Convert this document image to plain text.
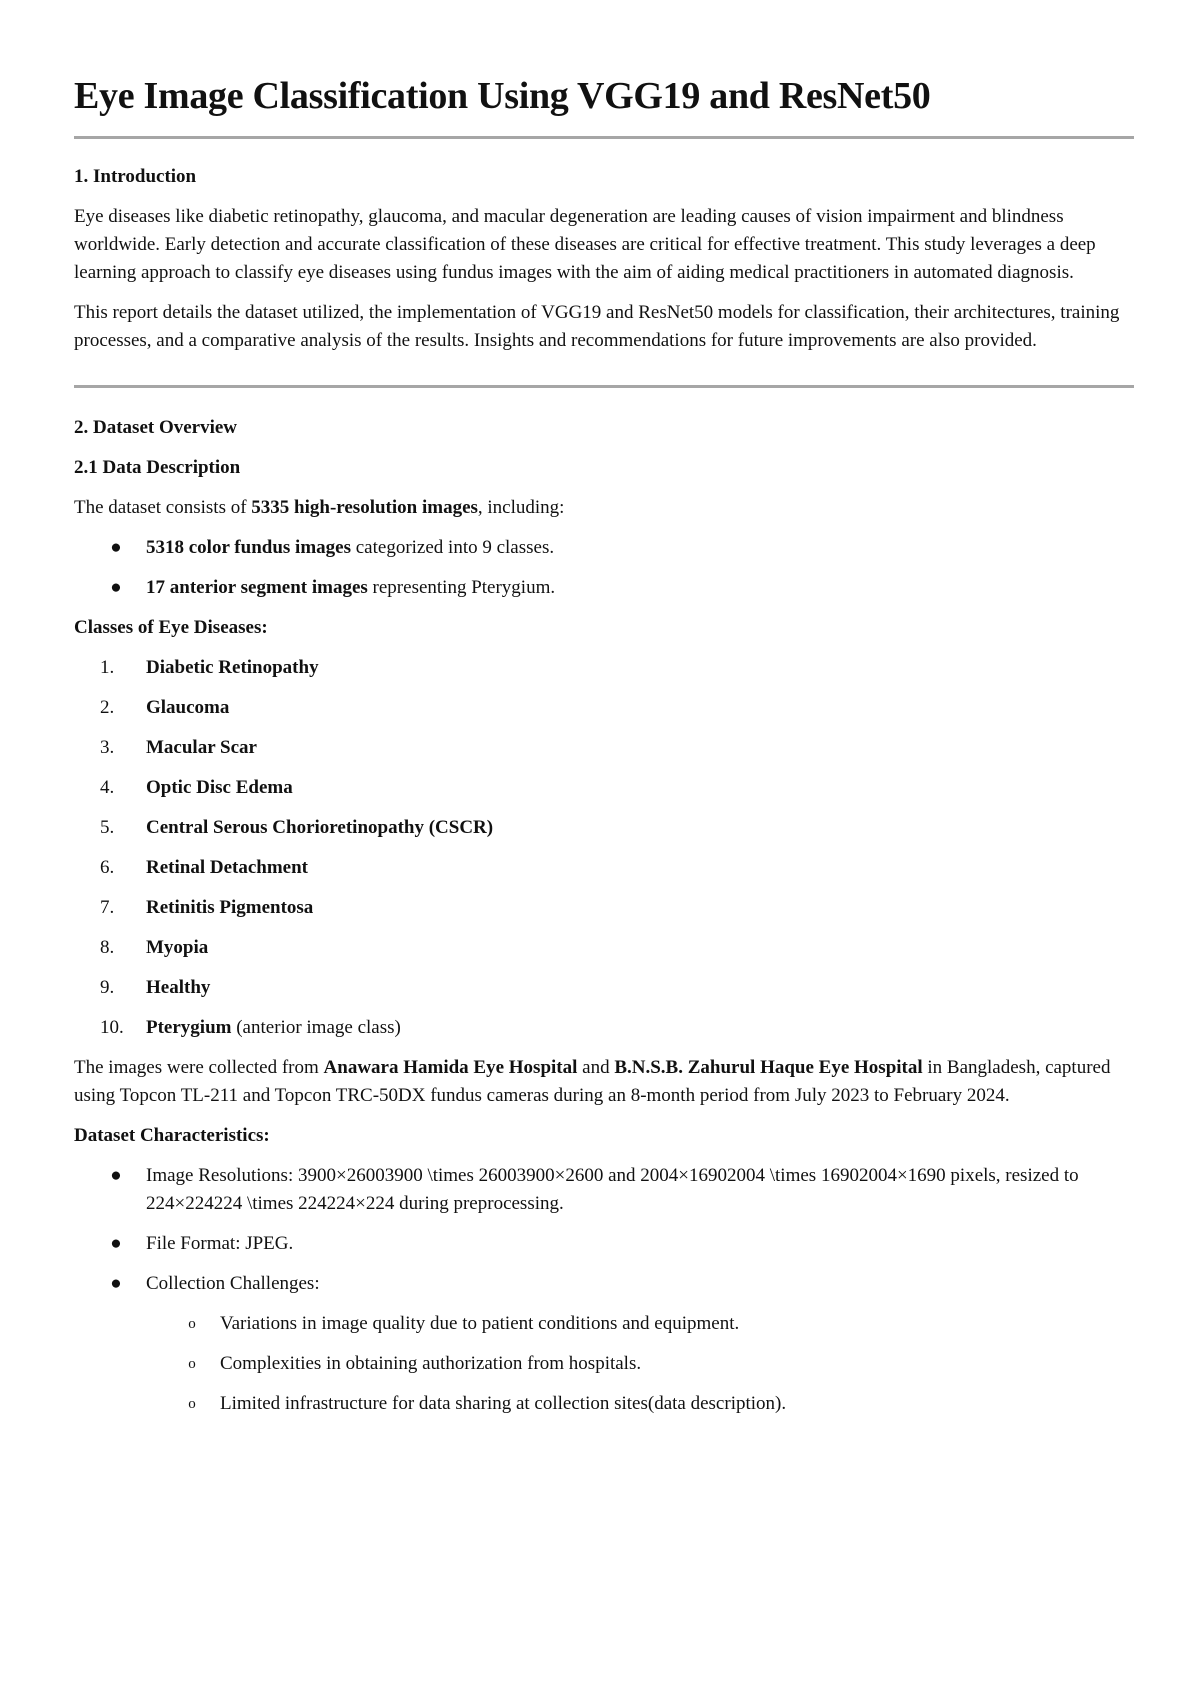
Eye Image Classification Using VGG19 and ResNet50
1. Introduction

Eye diseases like diabetic retinopathy, glaucoma, and macular degeneration are leading causes of vision impairment and blindness worldwide. Early detection and accurate classification of these diseases are critical for effective treatment. This study leverages a deep learning approach to classify eye diseases using fundus images with the aim of aiding medical practitioners in automated diagnosis.

This report details the dataset utilized, the implementation of VGG19 and ResNet50 models for classification, their architectures, training processes, and a comparative analysis of the results. Insights and recommendations for future improvements are also provided.

2. Dataset Overview
2.1 Data Description

The dataset consists of 5335 high-resolution images, including:

● 5318 color fundus images categorized into 9 classes.
● 17 anterior segment images representing Pterygium.

Classes of Eye Diseases:

1.	Diabetic Retinopathy
2.	Glaucoma
3.	Macular Scar
4.	Optic Disc Edema
5.	Central Serous Chorioretinopathy (CSCR)
6.	Retinal Detachment
7.	Retinitis Pigmentosa
8.	Myopia
9.	Healthy
10.	Pterygium (anterior image class)

The images were collected from Anawara Hamida Eye Hospital and B.N.S.B. Zahurul Haque Eye Hospital in Bangladesh, captured using Topcon TL-211 and Topcon TRC-50DX fundus cameras during an 8-month period from July 2023 to February 2024.

Dataset Characteristics:

● Image Resolutions: 3900×26003900 \times 26003900×2600 and 2004×16902004 \times 16902004×1690 pixels, resized to 224×224224 \times 224224×224 during preprocessing.
● File Format: JPEG.
● Collection Challenges:
o	Variations in image quality due to patient conditions and equipment.
o	Complexities in obtaining authorization from hospitals.
o	Limited infrastructure for data sharing at collection sites(data description).
